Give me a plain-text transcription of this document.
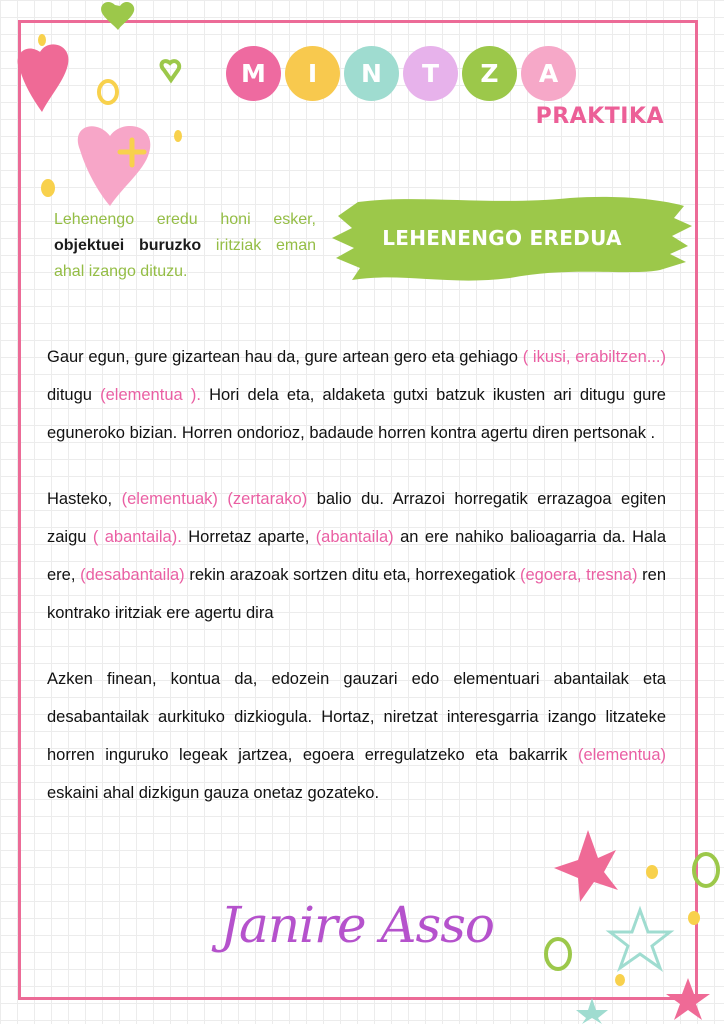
M	I	N	T	Z	A
PRAKTIKA
LEHENENGO EREDUA
Lehenengo eredu honi esker, objektuei buruzko iritziak eman ahal izango dituzu.

Gaur egun, gure gizartean hau da, gure artean gero eta gehiago ( ikusi, erabiltzen...) ditugu (elementua ). Hori dela eta, aldaketa gutxi batzuk ikusten ari ditugu gure eguneroko bizian. Horren ondorioz, badaude horren kontra agertu diren pertsonak .

Hasteko, (elementuak) (zertarako) balio du. Arrazoi horregatik errazagoa egiten zaigu ( abantaila). Horretaz aparte, (abantaila) an ere nahiko balioagarria da. Hala ere, (desabantaila) rekin arazoak sortzen ditu eta, horrexegatiok (egoera, tresna) ren kontrako iritziak ere agertu dira

Azken finean, kontua da, edozein gauzari edo elementuari abantailak eta desabantailak aurkituko dizkiogula. Hortaz, niretzat interesgarria izango litzateke horren inguruko legeak jartzea, egoera erregulatzeko eta bakarrik (elementua) eskaini ahal dizkigun gauza onetaz gozateko.

Janire Asso
